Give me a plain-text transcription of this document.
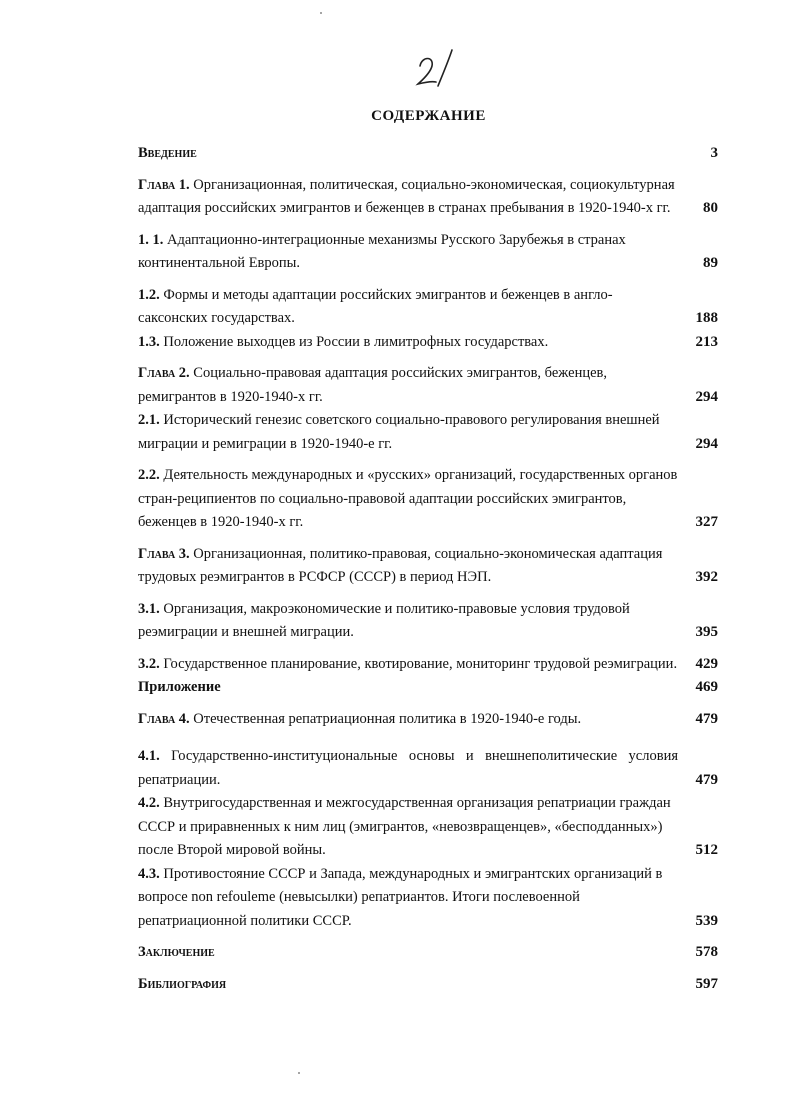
СОДЕРЖАНИЕ
Введение	3
Глава 1. Организационная, политическая, социально-экономическая, социокультурная адаптация российских эмигрантов и беженцев в странах пребывания в 1920-1940-х гг.	80
1. 1. Адаптационно-интеграционные механизмы Русского Зарубежья в странах континентальной Европы.	89
1.2. Формы и методы адаптации российских эмигрантов и беженцев в англо-саксонских государствах.	188
1.3. Положение выходцев из России в лимитрофных государствах.	213
Глава 2. Социально-правовая адаптация российских эмигрантов, беженцев, ремигрантов в 1920-1940-х гг.	294
2.1. Исторический генезис советского социально-правового регулирования внешней миграции и ремиграции в 1920-1940-е гг.	294
2.2. Деятельность международных и «русских» организаций, государственных органов стран-реципиентов по социально-правовой адаптации российских эмигрантов, беженцев в 1920-1940-х гг.	327
Глава 3. Организационная, политико-правовая, социально-экономическая адаптация трудовых реэмигрантов в РСФСР (СССР) в период НЭП.	392
3.1. Организация, макроэкономические и политико-правовые условия трудовой реэмиграции и внешней миграции.	395
3.2. Государственное планирование, квотирование, мониторинг трудовой реэмиграции.	429
Приложение	469
Глава 4. Отечественная репатриационная политика в 1920-1940-е годы.	479
4.1. Государственно-институциональные основы и внешнеполитические условия репатриации.	479
4.2. Внутригосударственная и межгосударственная организация репатриации граждан СССР и приравненных к ним лиц (эмигрантов, «невозвращенцев», «бесподданных») после Второй мировой войны.	512
4.3. Противостояние СССР и Запада, международных и эмигрантских организаций в вопросе non refouleme (невысылки) репатриантов. Итоги послевоенной репатриационной политики СССР.	539
Заключение	578
Библиография	597
